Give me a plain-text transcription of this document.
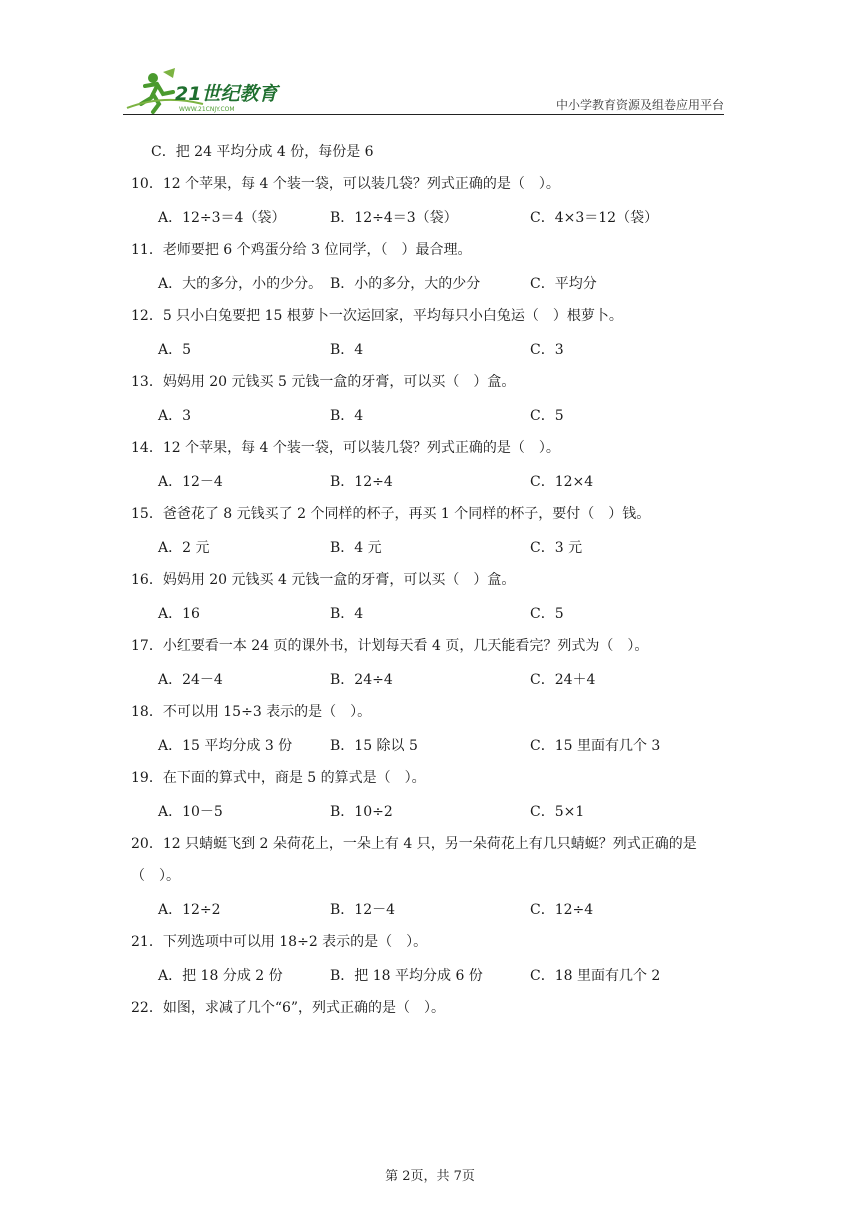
21世纪教育
WWW.21CNJY.COM	中小学教育资源及组卷应用平台
C．把 24 平均分成 4 份，每份是 6
10．12 个苹果，每 4 个装一袋，可以装几袋？列式正确的是（　）。
A．12÷3＝4（袋）	B．12÷4＝3（袋）	C．4×3＝12（袋）
11．老师要把 6 个鸡蛋分给 3 位同学，（　）最合理。
A．大的多分，小的少分。 B．小的多分，大的少分	C．平均分
12．5 只小白兔要把 15 根萝卜一次运回家，平均每只小白兔运（　）根萝卜。
A．5	B．4	C．3
13．妈妈用 20 元钱买 5 元钱一盒的牙膏，可以买（　）盒。
A．3	B．4	C．5
14．12 个苹果，每 4 个装一袋，可以装几袋？列式正确的是（　）。
A．12－4	B．12÷4	C．12×4
15．爸爸花了 8 元钱买了 2 个同样的杯子，再买 1 个同样的杯子，要付（　）钱。
A．2 元	B．4 元	C．3 元
16．妈妈用 20 元钱买 4 元钱一盒的牙膏，可以买（　）盒。
A．16	B．4	C．5
17．小红要看一本 24 页的课外书，计划每天看 4 页，几天能看完？列式为（　）。
A．24－4	B．24÷4	C．24＋4
18．不可以用 15÷3 表示的是（　）。
A．15 平均分成 3 份	B．15 除以 5	C．15 里面有几个 3
19．在下面的算式中，商是 5 的算式是（　）。
A．10－5	B．10÷2	C．5×1
20．12 只蜻蜓飞到 2 朵荷花上，一朵上有 4 只，另一朵荷花上有几只蜻蜓？列式正确的是
（　）。
A．12÷2	B．12－4	C．12÷4
21．下列选项中可以用 18÷2 表示的是（　）。
A．把 18 分成 2 份	B．把 18 平均分成 6 份	C．18 里面有几个 2
22．如图，求减了几个“6”，列式正确的是（　）。
第 2页，共 7页
